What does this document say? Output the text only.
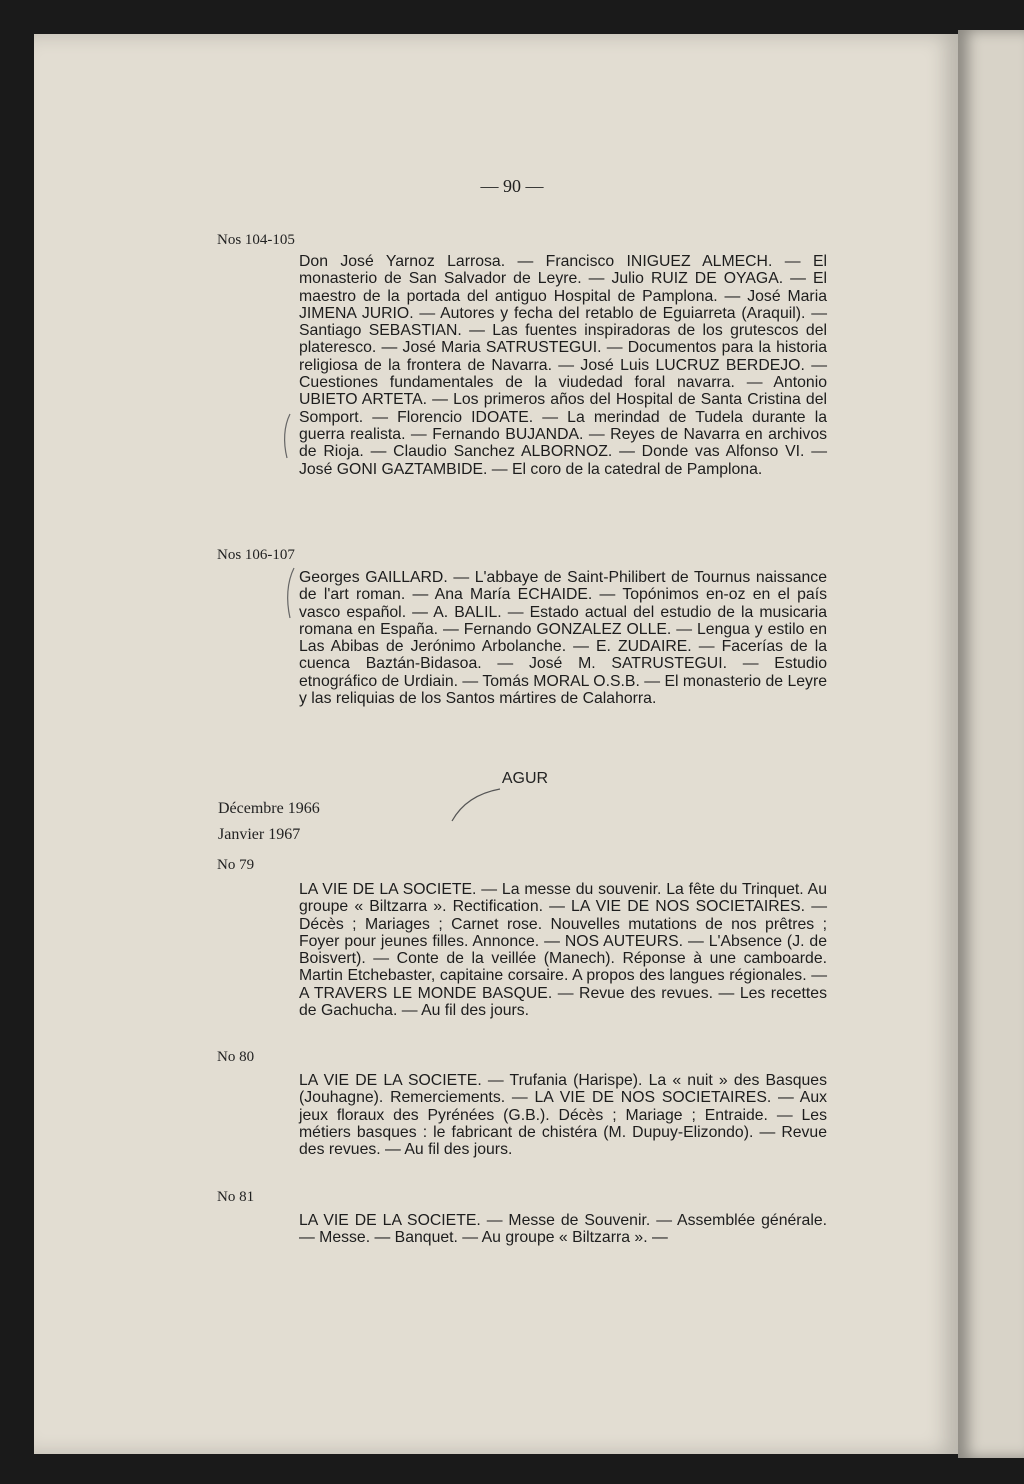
— 90 —
Nos 104-105
Don José Yarnoz Larrosa. — Francisco INIGUEZ ALMECH. — El monasterio de San Salvador de Leyre. — Julio RUIZ DE OYAGA. — El maestro de la portada del antiguo Hospital de Pamplona. — José Maria JIMENA JURIO. — Autores y fecha del retablo de Eguiarreta (Araquil). — Santiago SEBASTIAN. — Las fuentes inspiradoras de los grutescos del plateresco. — José Maria SATRUSTEGUI. — Documentos para la historia religiosa de la frontera de Navarra. — José Luis LUCRUZ BERDEJO. — Cuestiones fundamentales de la viudedad foral navarra. — Antonio UBIETO ARTETA. — Los primeros años del Hospital de Santa Cristina del Somport. — Florencio IDOATE. — La merindad de Tudela durante la guerra realista. — Fernando BUJANDA. — Reyes de Navarra en archivos de Rioja. — Claudio Sanchez ALBORNOZ. — Donde vas Alfonso VI. — José GONI GAZTAMBIDE. — El coro de la catedral de Pamplona.
Nos 106-107
Georges GAILLARD. — L'abbaye de Saint-Philibert de Tournus naissance de l'art roman. — Ana María ECHAIDE. — Topónimos en-oz en el país vasco español. — A. BALIL. — Estado actual del estudio de la musicaria romana en España. — Fernando GONZALEZ OLLE. — Lengua y estilo en Las Abibas de Jerónimo Arbolanche. — E. ZUDAIRE. — Facerías de la cuenca Baztán-Bidasoa. — José M. SATRUSTEGUI. — Estudio etnográfico de Urdiain. — Tomás MORAL O.S.B. — El monasterio de Leyre y las reliquias de los Santos mártires de Calahorra.
AGUR
Décembre 1966
Janvier 1967
No 79
LA VIE DE LA SOCIETE. — La messe du souvenir. La fête du Trinquet. Au groupe « Biltzarra ». Rectification. — LA VIE DE NOS SOCIETAIRES. — Décès ; Mariages ; Carnet rose. Nouvelles mutations de nos prêtres ; Foyer pour jeunes filles. Annonce. — NOS AUTEURS. — L'Absence (J. de Boisvert). — Conte de la veillée (Manech). Réponse à une camboarde. Martin Etchebaster, capitaine corsaire. A propos des langues régionales. — A TRAVERS LE MONDE BASQUE. — Revue des revues. — Les recettes de Gachucha. — Au fil des jours.
No 80
LA VIE DE LA SOCIETE. — Trufania (Harispe). La « nuit » des Basques (Jouhagne). Remerciements. — LA VIE DE NOS SOCIETAIRES. — Aux jeux floraux des Pyrénées (G.B.). Décès ; Mariage ; Entraide. — Les métiers basques : le fabricant de chistéra (M. Dupuy-Elizondo). — Revue des revues. — Au fil des jours.
No 81
LA VIE DE LA SOCIETE. — Messe de Souvenir. — Assemblée générale. — Messe. — Banquet. — Au groupe « Biltzarra ». —
